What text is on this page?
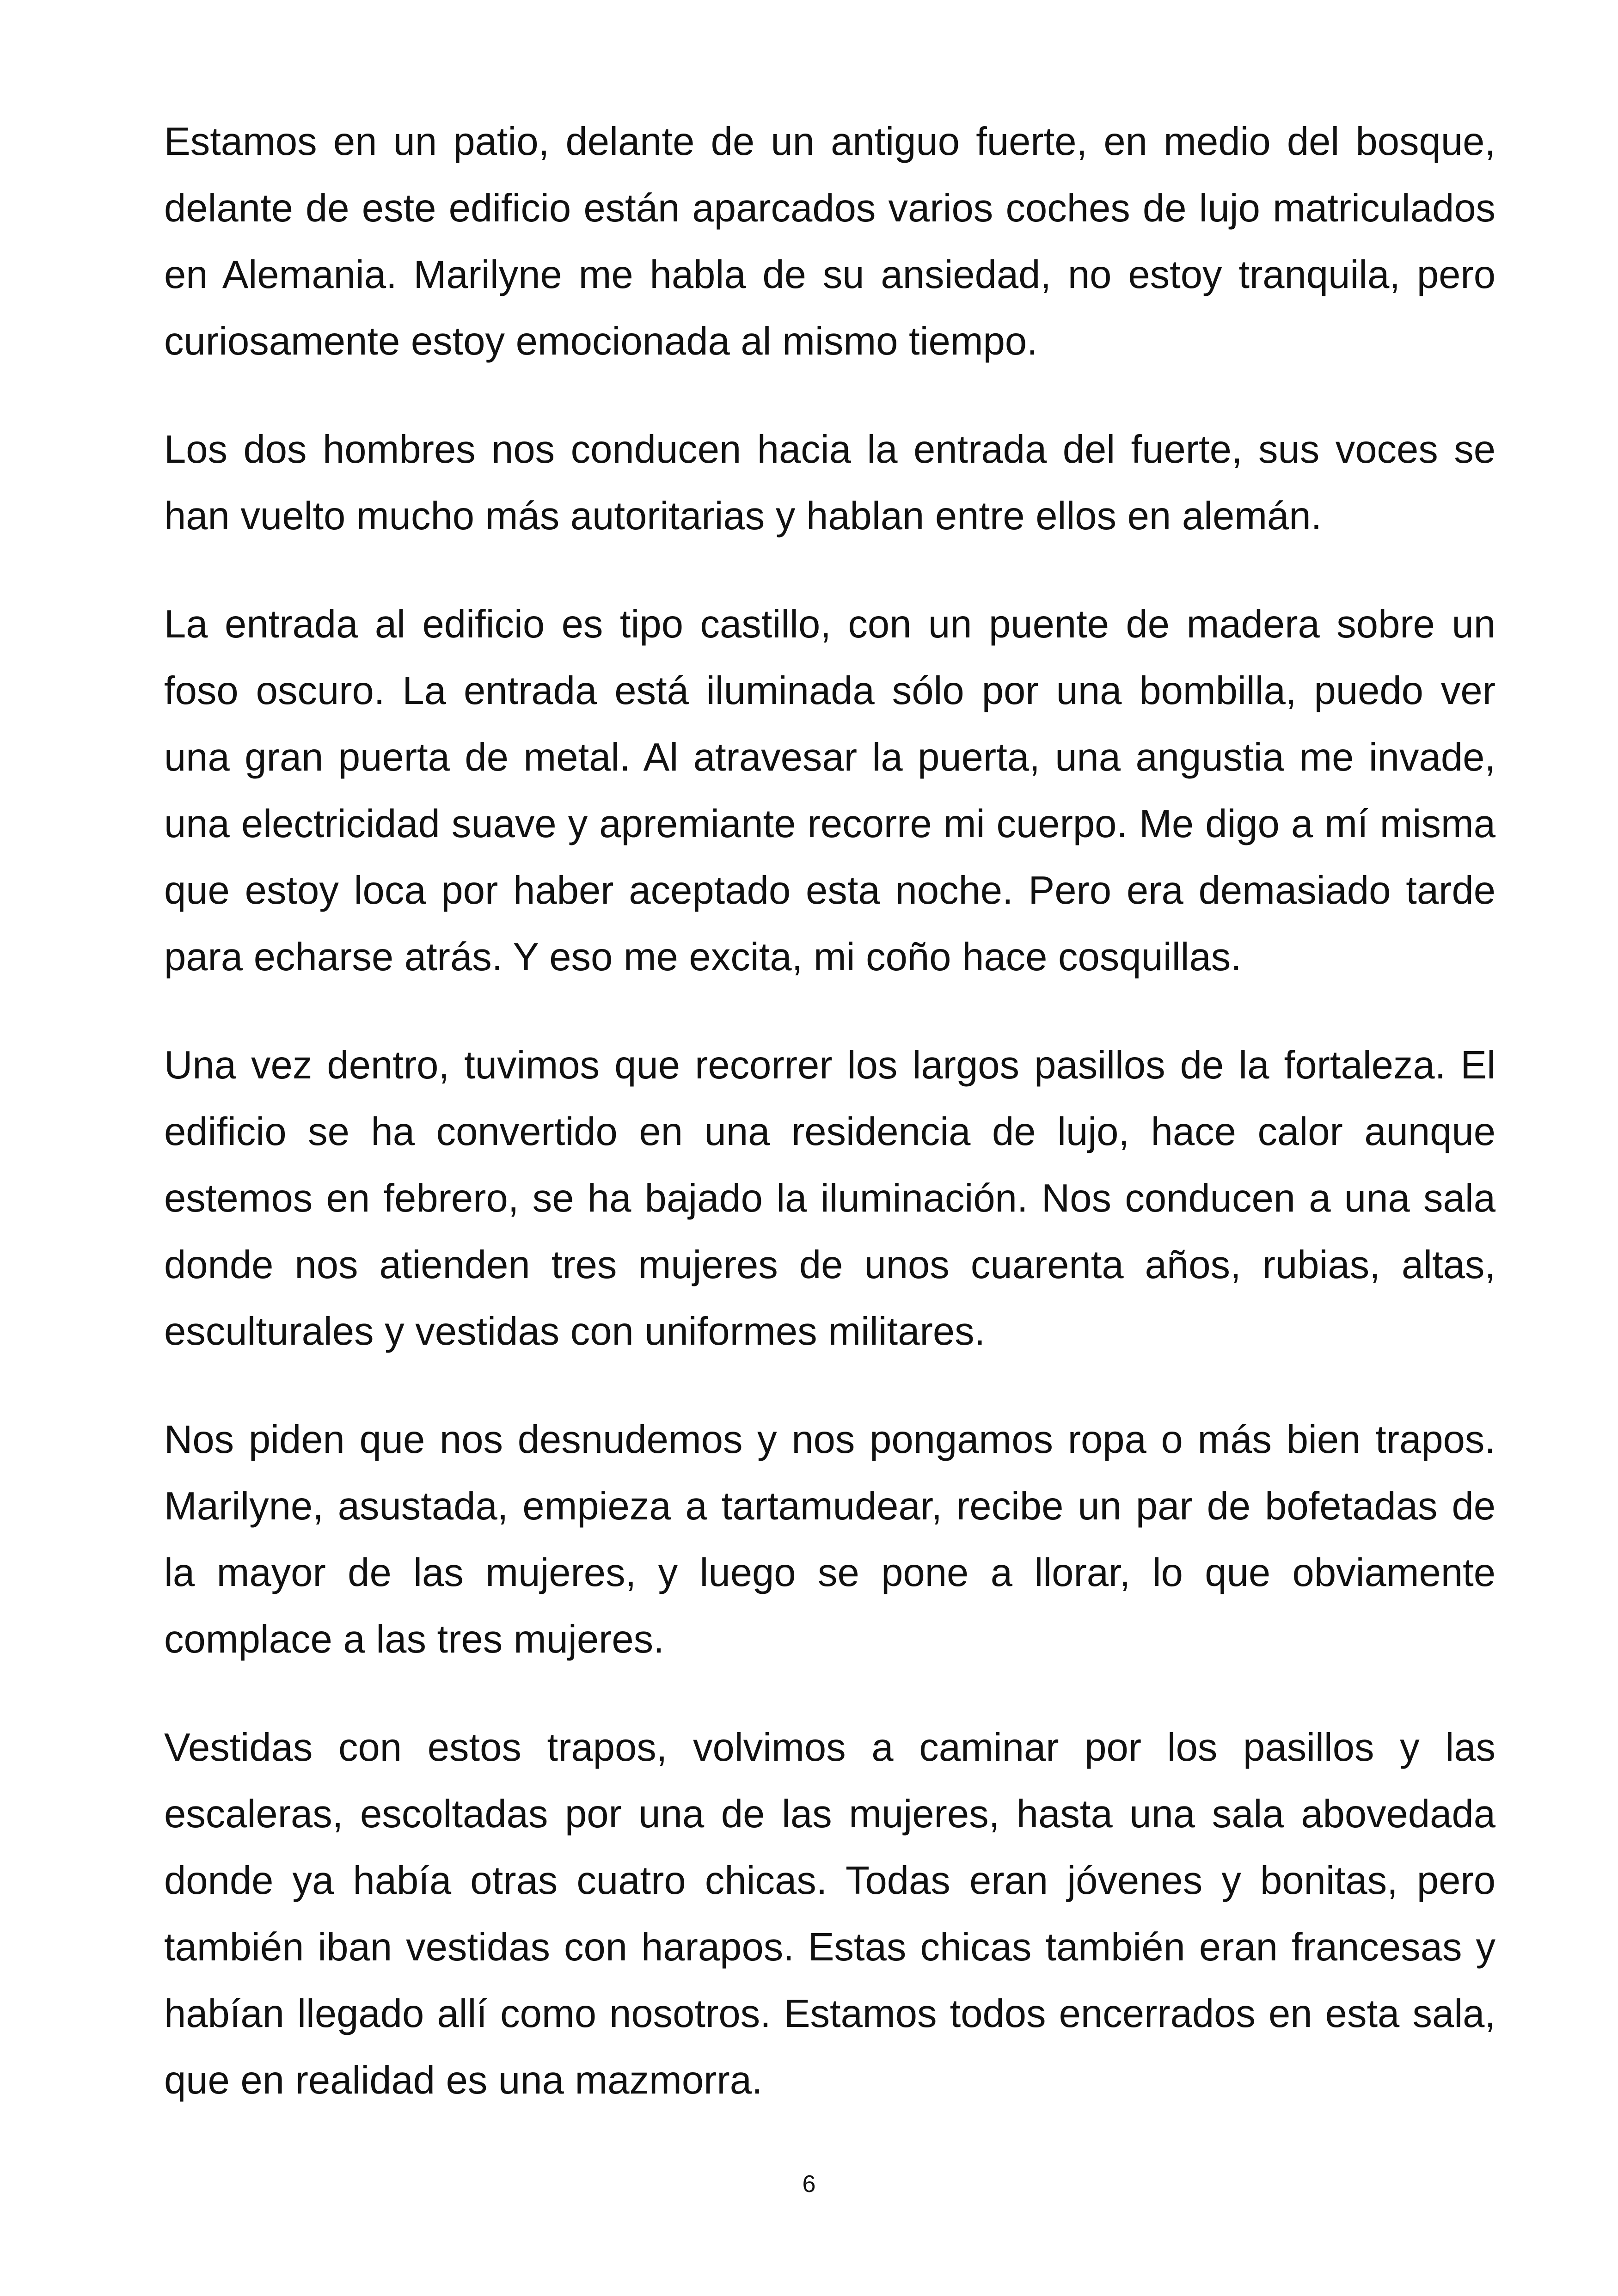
Estamos en un patio, delante de un antiguo fuerte, en medio del bosque, delante de este edificio están aparcados varios coches de lujo matriculados en Alemania. Marilyne me habla de su ansiedad, no estoy tranquila, pero curiosamente estoy emocionada al mismo tiempo.

Los dos hombres nos conducen hacia la entrada del fuerte, sus voces se han vuelto mucho más autoritarias y hablan entre ellos en alemán.

La entrada al edificio es tipo castillo, con un puente de madera sobre un foso oscuro. La entrada está iluminada sólo por una bombilla, puedo ver una gran puerta de metal. Al atravesar la puerta, una angustia me invade, una electricidad suave y apremiante recorre mi cuerpo. Me digo a mí misma que estoy loca por haber aceptado esta noche. Pero era demasiado tarde para echarse atrás. Y eso me excita, mi coño hace cosquillas.

Una vez dentro, tuvimos que recorrer los largos pasillos de la fortaleza. El edificio se ha convertido en una residencia de lujo, hace calor aunque estemos en febrero, se ha bajado la iluminación. Nos conducen a una sala donde nos atienden tres mujeres de unos cuarenta años, rubias, altas, esculturales y vestidas con uniformes militares.

Nos piden que nos desnudemos y nos pongamos ropa o más bien trapos. Marilyne, asustada, empieza a tartamudear, recibe un par de bofetadas de la mayor de las mujeres, y luego se pone a llorar, lo que obviamente complace a las tres mujeres.

Vestidas con estos trapos, volvimos a caminar por los pasillos y las escaleras, escoltadas por una de las mujeres, hasta una sala abovedada donde ya había otras cuatro chicas. Todas eran jóvenes y bonitas, pero también iban vestidas con harapos. Estas chicas también eran francesas y habían llegado allí como nosotros. Estamos todos encerrados en esta sala, que en realidad es una mazmorra.

6
